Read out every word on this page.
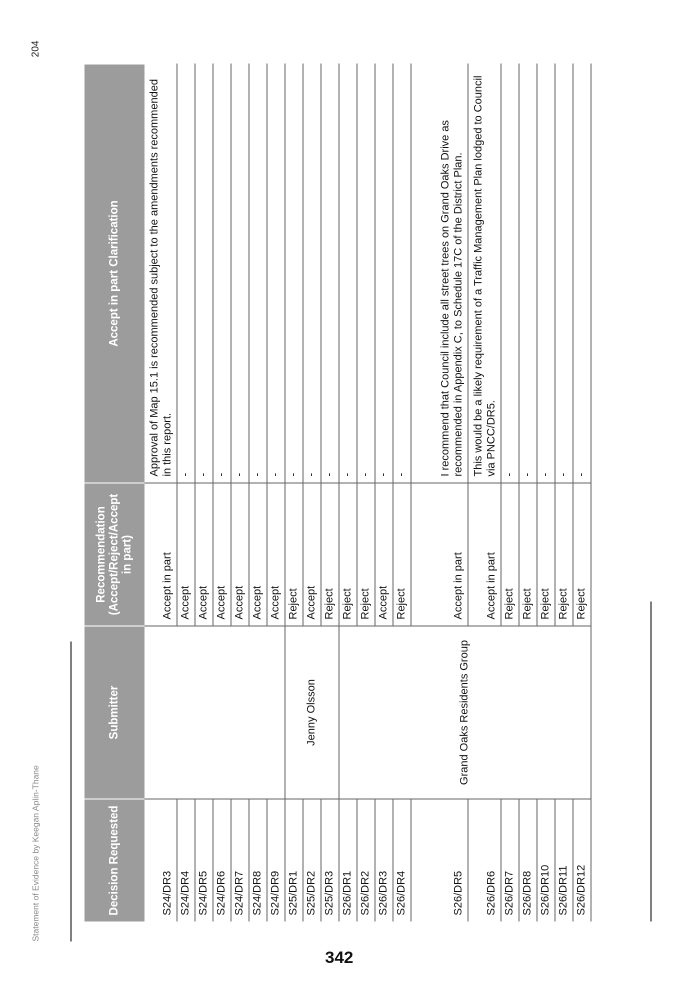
Statement of Evidence by Keegan Aplin-Thane
204
Decision Requested	Submitter	Recommendation (Accept/Reject/Accept in part)	Accept in part Clarification
S24/DR3		Accept in part	Approval of Map 15.1 is recommended subject to the amendments recommended in this report.
S24/DR4		Accept	-
S24/DR5		Accept	-
S24/DR6		Accept	-
S24/DR7		Accept	-
S24/DR8		Accept	-
S24/DR9		Accept	-
S25/DR1	Jenny Olsson	Reject	-
S25/DR2		Accept	-
S25/DR3		Reject	-
S26/DR1	Grand Oaks Residents Group	Reject	-
S26/DR2		Reject	-
S26/DR3		Accept	-
S26/DR4		Reject	-
S26/DR5		Accept in part	I recommend that Council include all street trees on Grand Oaks Drive as recommended in Appendix C, to Schedule 17C of the District Plan.
S26/DR6		Accept in part	This would be a likely requirement of a Traffic Management Plan lodged to Council via PNCC/DR5.
S26/DR7		Reject	-
S26/DR8		Reject	-
S26/DR10		Reject	-
S26/DR11		Reject	-
S26/DR12		Reject	-
342
